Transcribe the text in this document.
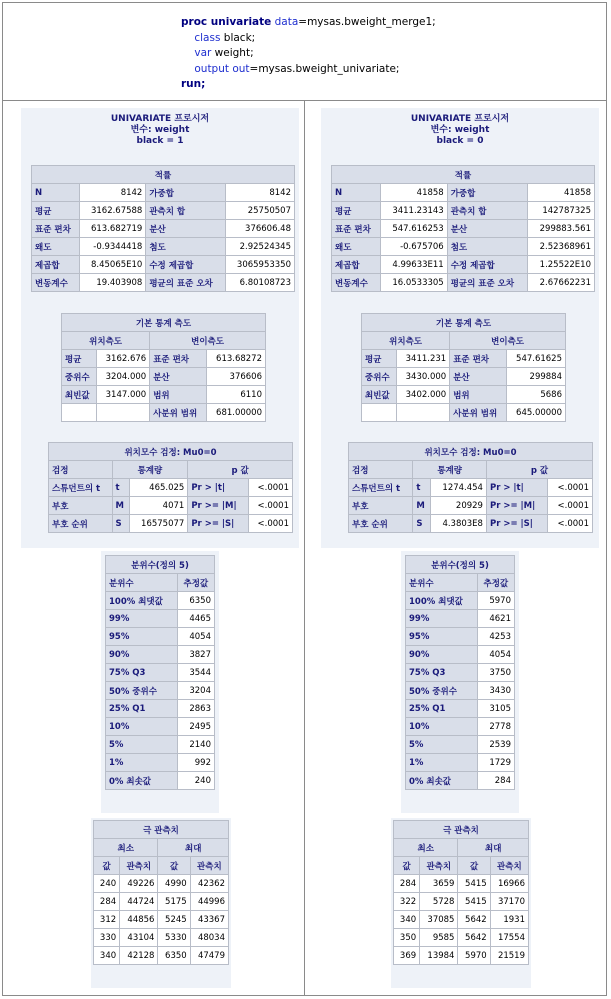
proc univariate data=mysas.bweight_merge1;
class black;
var weight;
output out=mysas.bweight_univariate;
run;
UNIVARIATE 프로시저
변수: weight
black = 1
적률			
N	8142	가중합	8142
평균	3162.67588	관측치 합	25750507
표준 편차	613.682719	분산	376606.48
왜도	-0.9344418	첨도	2.92524345
제곱합	8.45065E10	수정 제곱합	3065953350
변동계수	19.403908	평균의 표준 오차	6.80108723
기본 통계 측도			
위치측도		변이측도	
평균	3162.676	표준 편차	613.68272
중위수	3204.000	분산	376606
최빈값	3147.000	범위	6110
		사분위 범위	681.00000
위치모수 검정: Mu0=0				
검정	통계량		p 값	
스튜던트의 t	t	465.025	Pr > |t|	<.0001
부호	M	4071	Pr >= |M|	<.0001
부호 순위	S	16575077	Pr >= |S|	<.0001
분위수(정의 5)	
분위수	추정값
100% 최댓값	6350
99%	4465
95%	4054
90%	3827
75% Q3	3544
50% 중위수	3204
25% Q1	2863
10%	2495
5%	2140
1%	992
0% 최솟값	240
극 관측치			
최소		최대	
값	관측치	값	관측치
240	49226	4990	42362
284	44724	5175	44996
312	44856	5245	43367
330	43104	5330	48034
340	42128	6350	47479
UNIVARIATE 프로시저
변수: weight
black = 0
적률			
N	41858	가중합	41858
평균	3411.23143	관측치 합	142787325
표준 편차	547.616253	분산	299883.561
왜도	-0.675706	첨도	2.52368961
제곱합	4.99633E11	수정 제곱합	1.25522E10
변동계수	16.0533305	평균의 표준 오차	2.67662231
기본 통계 측도			
위치측도		변이측도	
평균	3411.231	표준 편차	547.61625
중위수	3430.000	분산	299884
최빈값	3402.000	범위	5686
		사분위 범위	645.00000
위치모수 검정: Mu0=0				
검정	통계량		p 값	
스튜던트의 t	t	1274.454	Pr > |t|	<.0001
부호	M	20929	Pr >= |M|	<.0001
부호 순위	S	4.3803E8	Pr >= |S|	<.0001
분위수(정의 5)	
분위수	추정값
100% 최댓값	5970
99%	4621
95%	4253
90%	4054
75% Q3	3750
50% 중위수	3430
25% Q1	3105
10%	2778
5%	2539
1%	1729
0% 최솟값	284
극 관측치			
최소		최대	
값	관측치	값	관측치
284	3659	5415	16966
322	5728	5415	37170
340	37085	5642	1931
350	9585	5642	17554
369	13984	5970	21519
